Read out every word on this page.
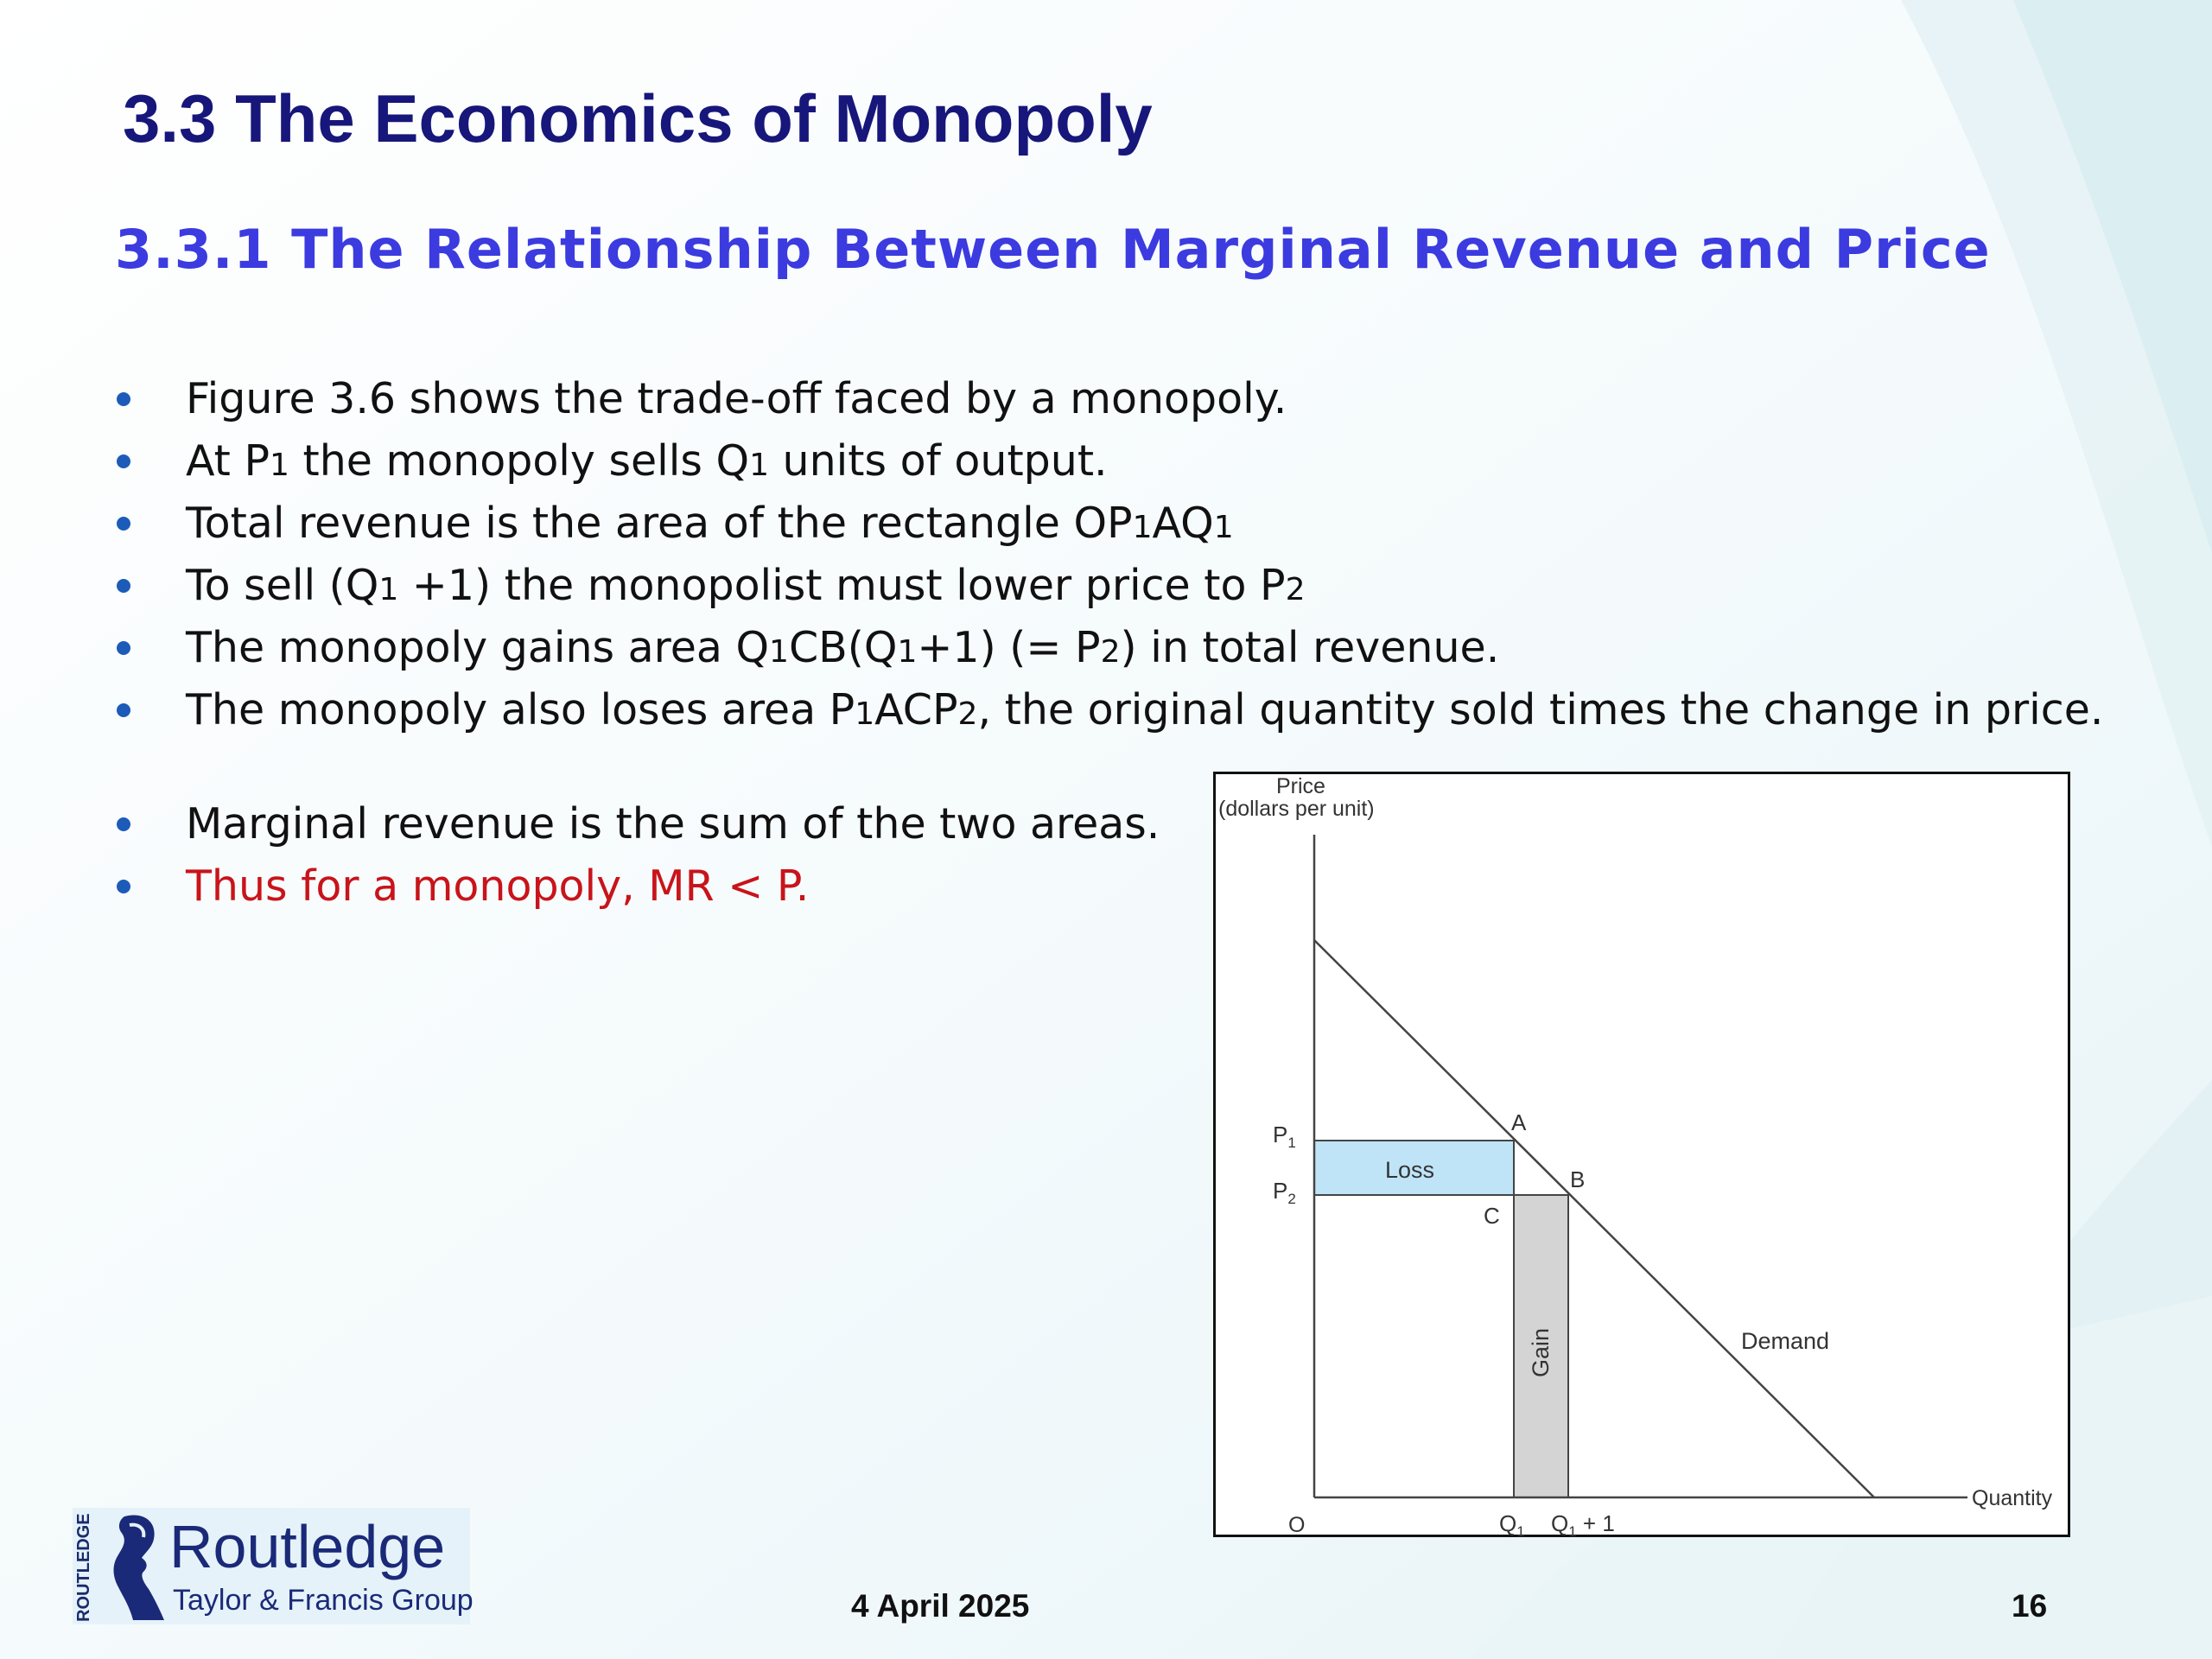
3.3 The Economics of Monopoly
3.3.1 The Relationship Between Marginal Revenue and Price
Figure 3.6 shows the trade-off faced by a monopoly.
At P1 the monopoly sells Q1 units of output.
Total revenue is the area of the rectangle OP1AQ1
To sell (Q1 +1) the monopolist must lower price to P2
The monopoly gains area Q1CB(Q1+1) (= P2) in total revenue.
The monopoly also loses area P1ACP2, the original quantity sold times the change in price.
Marginal revenue is the sum of the two areas.
Thus for a monopoly, MR < P.
Price
(dollars per unit)
Quantity
O
$P_1$
$P_2$
$Q_1$ $Q_1 + 1$
A
B
C
Loss
Gain	Demand
ROUTLEDGE Routledge
Taylor & Francis Group	4 April 2025	16
